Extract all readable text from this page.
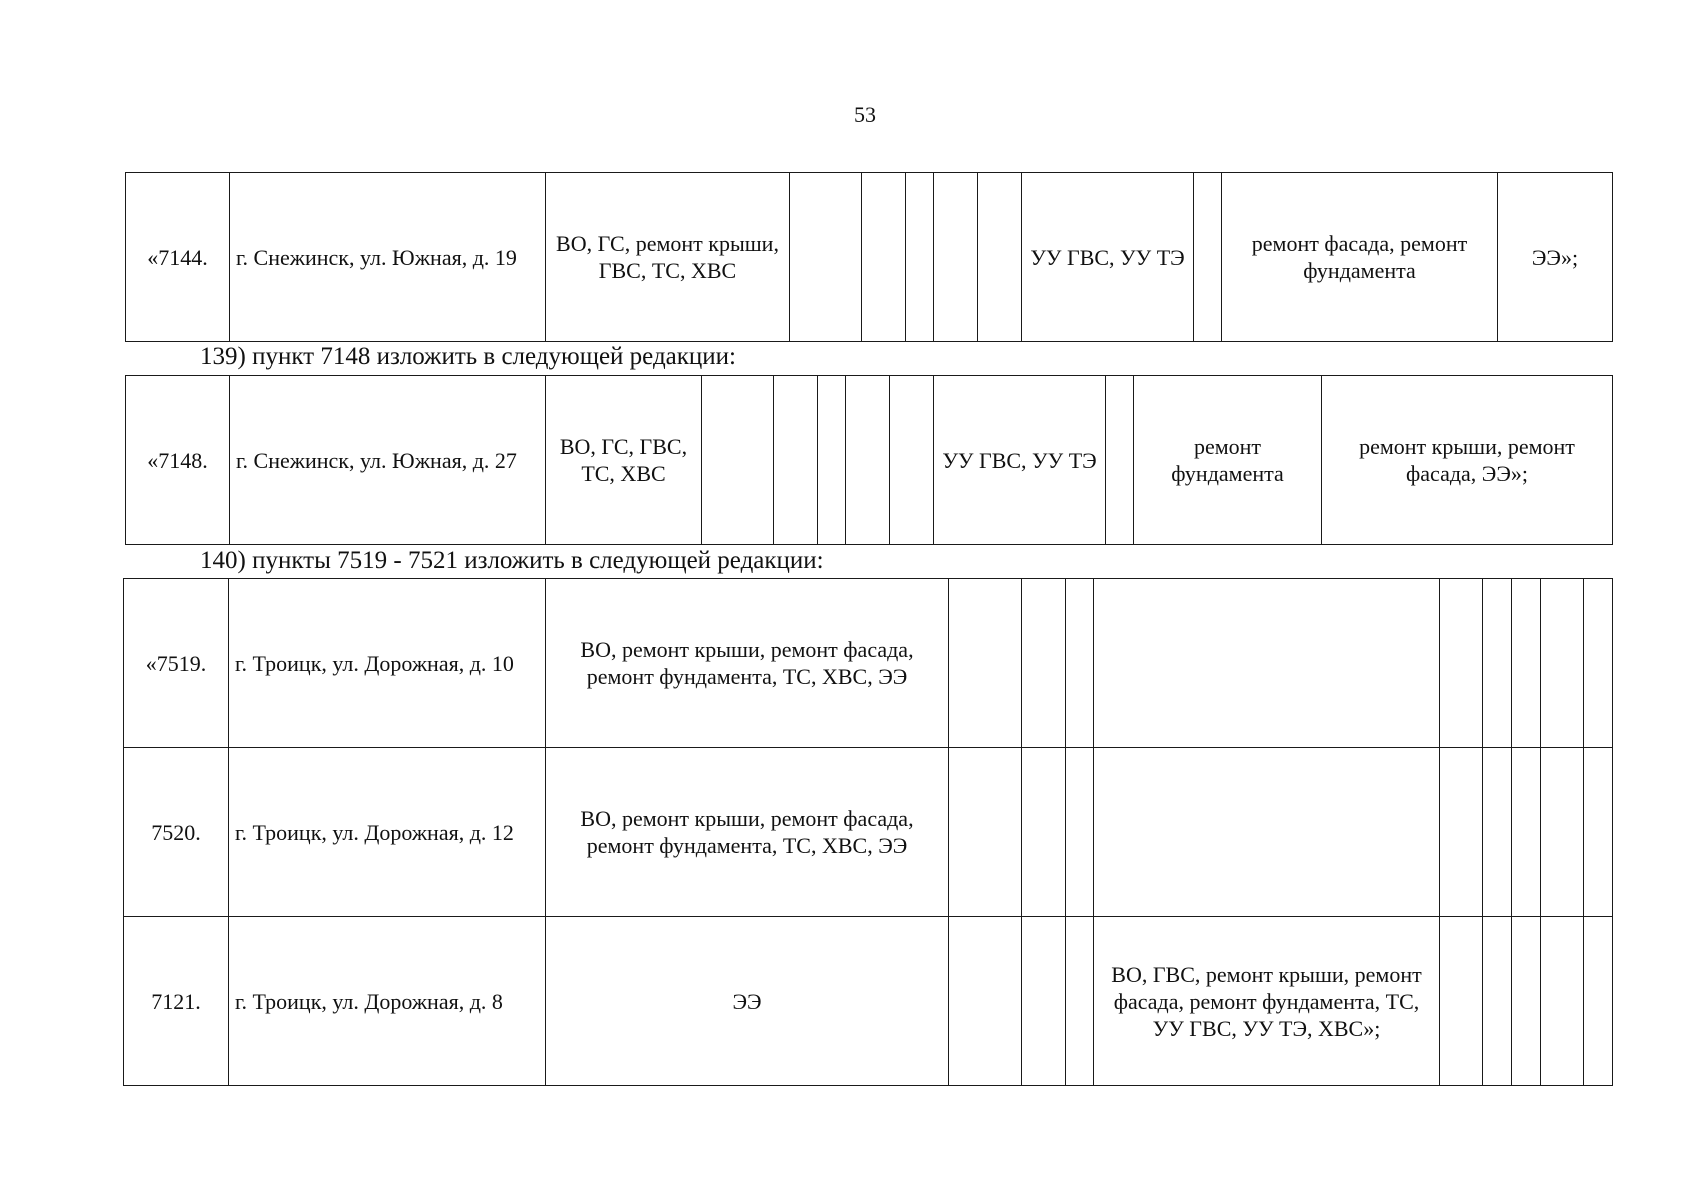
53
«7144.	г. Снежинск, ул. Южная, д. 19	ВО, ГС, ремонт крыши, ГВС, ТС, ХВС						УУ ГВС, УУ ТЭ		ремонт фасада, ремонт фундамента	ЭЭ»;
139) пункт 7148 изложить в следующей редакции:
«7148.	г. Снежинск, ул. Южная, д. 27	ВО, ГС, ГВС, ТС, ХВС						УУ ГВС, УУ ТЭ		ремонт фундамента	ремонт крыши, ремонт фасада, ЭЭ»;
140) пункты 7519 - 7521 изложить в следующей редакции:
«7519.	г. Троицк, ул. Дорожная, д. 10	ВО, ремонт крыши, ремонт фасада, ремонт фундамента, ТС, ХВС, ЭЭ									
7520.	г. Троицк, ул. Дорожная, д. 12	ВО, ремонт крыши, ремонт фасада, ремонт фундамента, ТС, ХВС, ЭЭ									
7121.	г. Троицк, ул. Дорожная, д. 8	ЭЭ				ВО, ГВС, ремонт крыши, ремонт фасада, ремонт фундамента, ТС, УУ ГВС, УУ ТЭ, ХВС»;					
